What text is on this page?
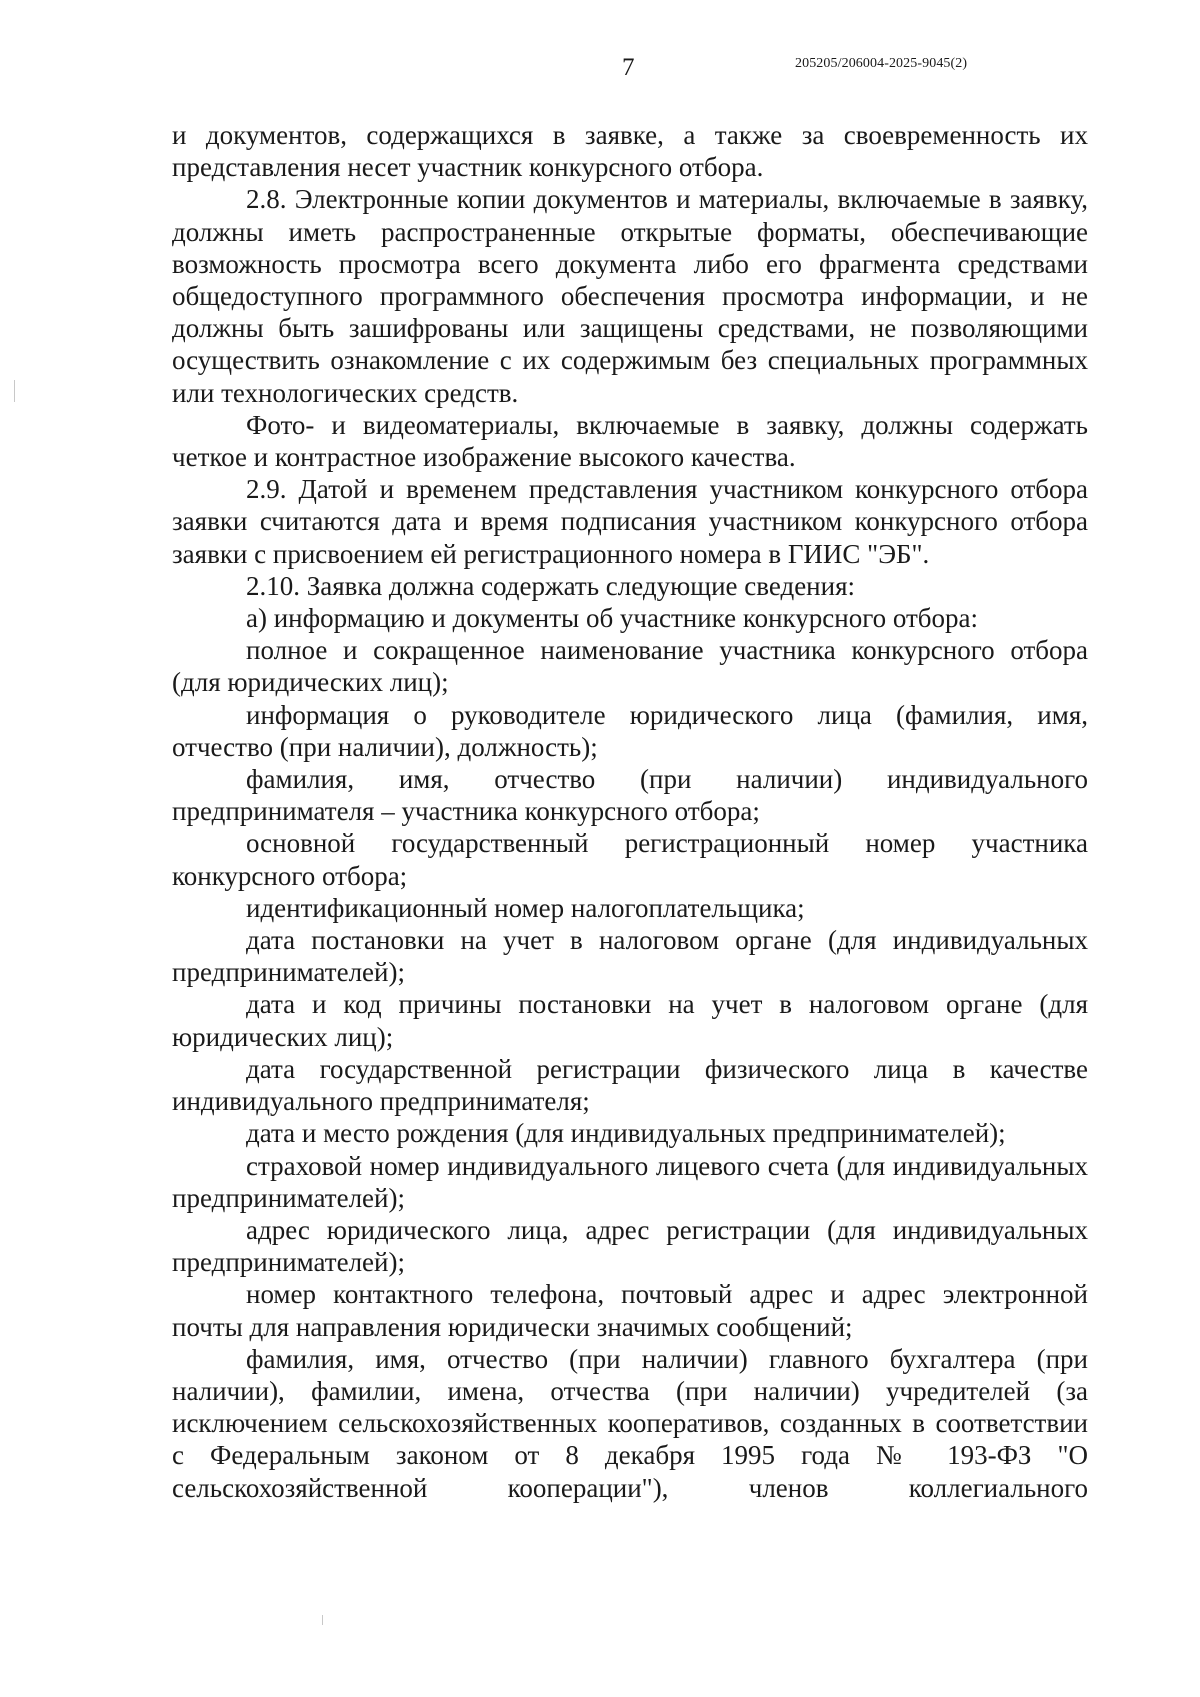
7	205205/206004-2025-9045(2)

и документов, содержащихся в заявке, а также за своевременность их представления несет участник конкурсного отбора.

2.8. Электронные копии документов и материалы, включаемые в заявку, должны иметь распространенные открытые форматы, обеспечивающие возможность просмотра всего документа либо его фрагмента средствами общедоступного программного обеспечения просмотра информации, и не должны быть зашифрованы или защищены средствами, не позволяющими осуществить ознакомление с их содержимым без специальных программных или технологических средств.

Фото- и видеоматериалы, включаемые в заявку, должны содержать четкое и контрастное изображение высокого качества.

2.9. Датой и временем представления участником конкурсного отбора заявки считаются дата и время подписания участником конкурсного отбора заявки с присвоением ей регистрационного номера в ГИИС "ЭБ".

2.10. Заявка должна содержать следующие сведения:

а) информацию и документы об участнике конкурсного отбора:

полное и сокращенное наименование участника конкурсного отбора (для юридических лиц);

информация о руководителе юридического лица (фамилия, имя, отчество (при наличии), должность);

фамилия, имя, отчество (при наличии) индивидуального предпринимателя – участника конкурсного отбора;

основной государственный регистрационный номер участника конкурсного отбора;

идентификационный номер налогоплательщика;

дата постановки на учет в налоговом органе (для индивидуальных предпринимателей);

дата и код причины постановки на учет в налоговом органе (для юридических лиц);

дата государственной регистрации физического лица в качестве индивидуального предпринимателя;

дата и место рождения (для индивидуальных предпринимателей);

страховой номер индивидуального лицевого счета (для индивидуальных предпринимателей);

адрес юридического лица, адрес регистрации (для индивидуальных предпринимателей);

номер контактного телефона, почтовый адрес и адрес электронной почты для направления юридически значимых сообщений;

фамилия, имя, отчество (при наличии) главного бухгалтера (при наличии), фамилии, имена, отчества (при наличии) учредителей (за исключением сельскохозяйственных кооперативов, созданных в соответствии с Федеральным законом от 8 декабря 1995 года № 193-ФЗ "О сельскохозяйственной кооперации"), членов коллегиального
